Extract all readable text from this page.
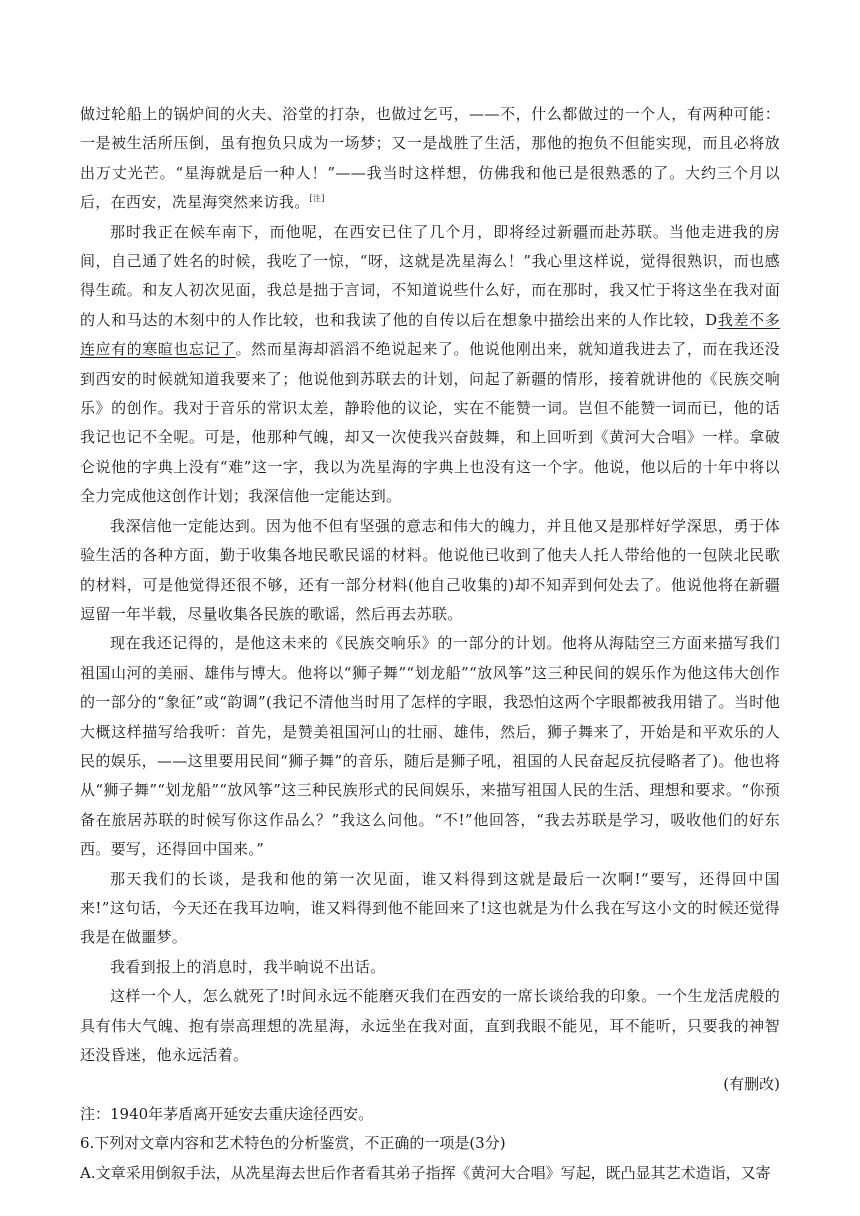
做过轮船上的锅炉间的火夫、浴堂的打杂，也做过乞丐，——不，什么都做过的一个人，有两种可能：一是被生活所压倒，虽有抱负只成为一场梦；又一是战胜了生活，那他的抱负不但能实现，而且必将放出万丈光芒。“星海就是后一种人！”——我当时这样想，仿佛我和他已是很熟悉的了。大约三个月以后，在西安，冼星海突然来访我。[注]

那时我正在候车南下，而他呢，在西安已住了几个月，即将经过新疆而赴苏联。当他走进我的房间，自己通了姓名的时候，我吃了一惊，“呀，这就是冼星海么！”我心里这样说，觉得很熟识，而也感得生疏。和友人初次见面，我总是拙于言词，不知道说些什么好，而在那时，我又忙于将这坐在我对面的人和马达的木刻中的人作比较，也和我读了他的自传以后在想象中描绘出来的人作比较，D我差不多连应有的寒暄也忘记了。然而星海却滔滔不绝说起来了。他说他刚出来，就知道我进去了，而在我还没到西安的时候就知道我要来了；他说他到苏联去的计划，问起了新疆的情形，接着就讲他的《民族交响乐》的创作。我对于音乐的常识太差，静聆他的议论，实在不能赞一词。岂但不能赞一词而已，他的话我记也记不全呢。可是，他那种气魄，却又一次使我兴奋鼓舞，和上回听到《黄河大合唱》一样。拿破仑说他的字典上没有“难”这一字，我以为冼星海的字典上也没有这一个字。他说，他以后的十年中将以全力完成他这创作计划；我深信他一定能达到。

我深信他一定能达到。因为他不但有坚强的意志和伟大的魄力，并且他又是那样好学深思，勇于体验生活的各种方面，勤于收集各地民歌民谣的材料。他说他已收到了他夫人托人带给他的一包陕北民歌的材料，可是他觉得还很不够，还有一部分材料(他自己收集的)却不知弄到何处去了。他说他将在新疆逗留一年半载，尽量收集各民族的歌谣，然后再去苏联。

现在我还记得的，是他这未来的《民族交响乐》的一部分的计划。他将从海陆空三方面来描写我们祖国山河的美丽、雄伟与博大。他将以“狮子舞”“划龙船”“放风筝”这三种民间的娱乐作为他这伟大创作的一部分的“象征”或“韵调”(我记不清他当时用了怎样的字眼，我恐怕这两个字眼都被我用错了。当时他大概这样描写给我听：首先，是赞美祖国河山的壮丽、雄伟，然后，狮子舞来了，开始是和平欢乐的人民的娱乐，——这里要用民间“狮子舞”的音乐，随后是狮子吼，祖国的人民奋起反抗侵略者了)。他也将从“狮子舞”“划龙船”“放风筝”这三种民族形式的民间娱乐，来描写祖国人民的生活、理想和要求。“你预备在旅居苏联的时候写你这作品么？”我这么问他。“不!”他回答，“我去苏联是学习，吸收他们的好东西。要写，还得回中国来。”

那天我们的长谈，是我和他的第一次见面，谁又料得到这就是最后一次啊!“要写，还得回中国来!”这句话，今天还在我耳边响，谁又料得到他不能回来了!这也就是为什么我在写这小文的时候还觉得我是在做噩梦。

我看到报上的消息时，我半晌说不出话。

这样一个人，怎么就死了!时间永远不能磨灭我们在西安的一席长谈给我的印象。一个生龙活虎般的具有伟大气魄、抱有崇高理想的冼星海，永远坐在我对面，直到我眼不能见，耳不能听，只要我的神智还没昏迷，他永远活着。

(有删改)

注：1940年茅盾离开延安去重庆途径西安。

6.下列对文章内容和艺术特色的分析鉴赏，不正确的一项是(3分)

A.文章采用倒叙手法，从冼星海去世后作者看其弟子指挥《黄河大合唱》写起，既凸显其艺术造诣，又寄
